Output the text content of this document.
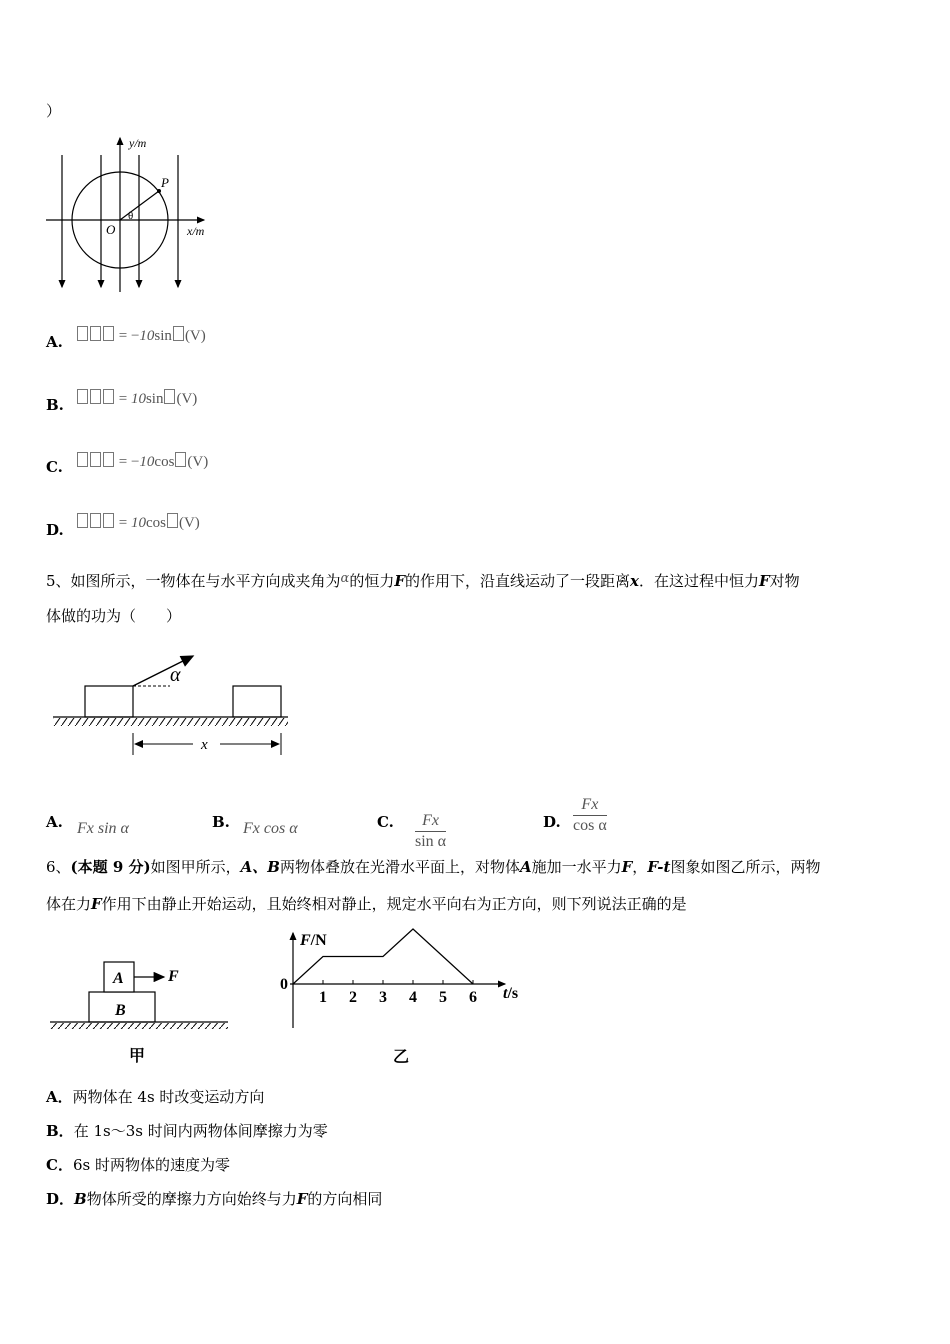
）
y/m
x/m
O
P
θ
A.	= −10sin (V)
B.	= 10sin (V)
C.	= −10cos (V)
D.	= 10cos (V)
5、如图所示，一物体在与水平方向成夹角为α的恒力F的作用下，沿直线运动了一段距离x．在这过程中恒力F对物
体做的功为（　　）
α
x
A. Fx sin α	B. Fx cos α	C. $\frac{Fx}{\text{sin α}}$	D. $\frac{Fx}{\text{cos α}}$
6、(本题 9 分)如图甲所示，A、B两物体叠放在光滑水平面上，对物体A施加一水平力F，F-t图象如图乙所示，两物
体在力F作用下由静止开始运动，且始终相对静止，规定水平向右为正方向，则下列说法正确的是
A
B
F
甲
F/N
t/s
0
1 2 3 4 5 6
乙
A．两物体在 4s 时改变运动方向
B．在 1s～3s 时间内两物体间摩擦力为零
C．6s 时两物体的速度为零
D．B物体所受的摩擦力方向始终与力F的方向相同
